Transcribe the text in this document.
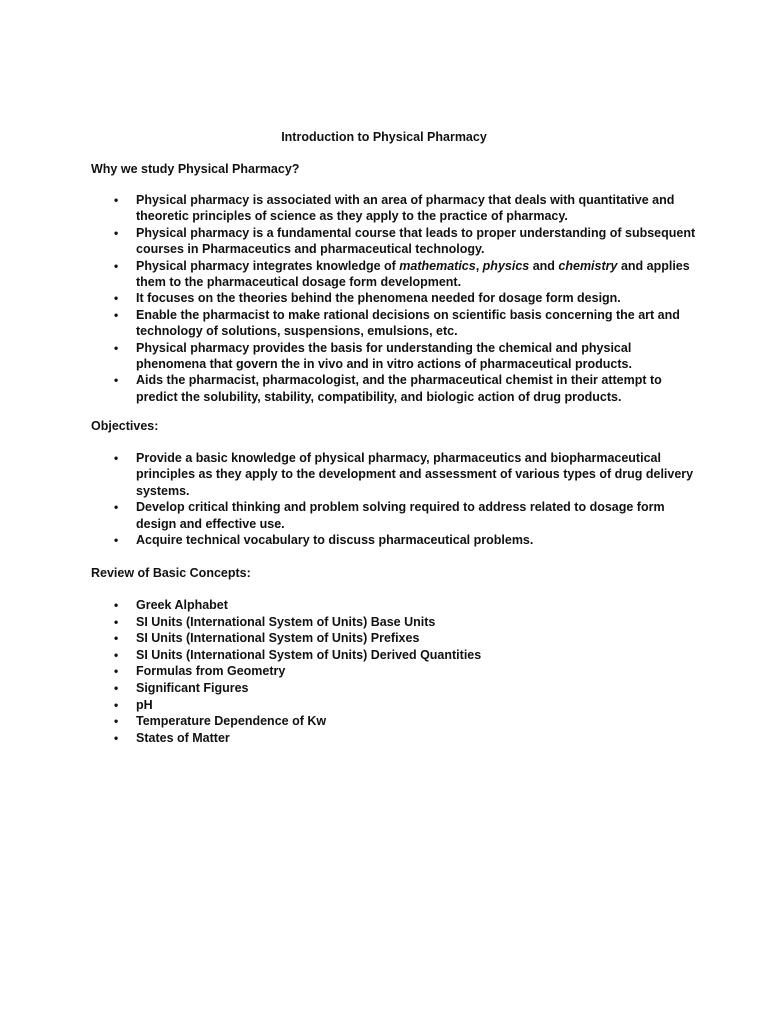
Introduction to Physical Pharmacy
Why we study Physical Pharmacy?
• Physical pharmacy is associated with an area of pharmacy that deals with quantitative and theoretic principles of science as they apply to the practice of pharmacy.
• Physical pharmacy is a fundamental course that leads to proper understanding of subsequent courses in Pharmaceutics and pharmaceutical technology.
• Physical pharmacy integrates knowledge of mathematics, physics and chemistry and applies them to the pharmaceutical dosage form development.
• It focuses on the theories behind the phenomena needed for dosage form design.
• Enable the pharmacist to make rational decisions on scientific basis concerning the art and technology of solutions, suspensions, emulsions, etc.
• Physical pharmacy provides the basis for understanding the chemical and physical phenomena that govern the in vivo and in vitro actions of pharmaceutical products.
• Aids the pharmacist, pharmacologist, and the pharmaceutical chemist in their attempt to predict the solubility, stability, compatibility, and biologic action of drug products.
Objectives:
• Provide a basic knowledge of physical pharmacy, pharmaceutics and biopharmaceutical principles as they apply to the development and assessment of various types of drug delivery systems.
• Develop critical thinking and problem solving required to address related to dosage form design and effective use.
• Acquire technical vocabulary to discuss pharmaceutical problems.
Review of Basic Concepts:
• Greek Alphabet
• SI Units (International System of Units) Base Units
• SI Units (International System of Units) Prefixes
• SI Units (International System of Units) Derived Quantities
• Formulas from Geometry
• Significant Figures
• pH
• Temperature Dependence of Kw
• States of Matter
